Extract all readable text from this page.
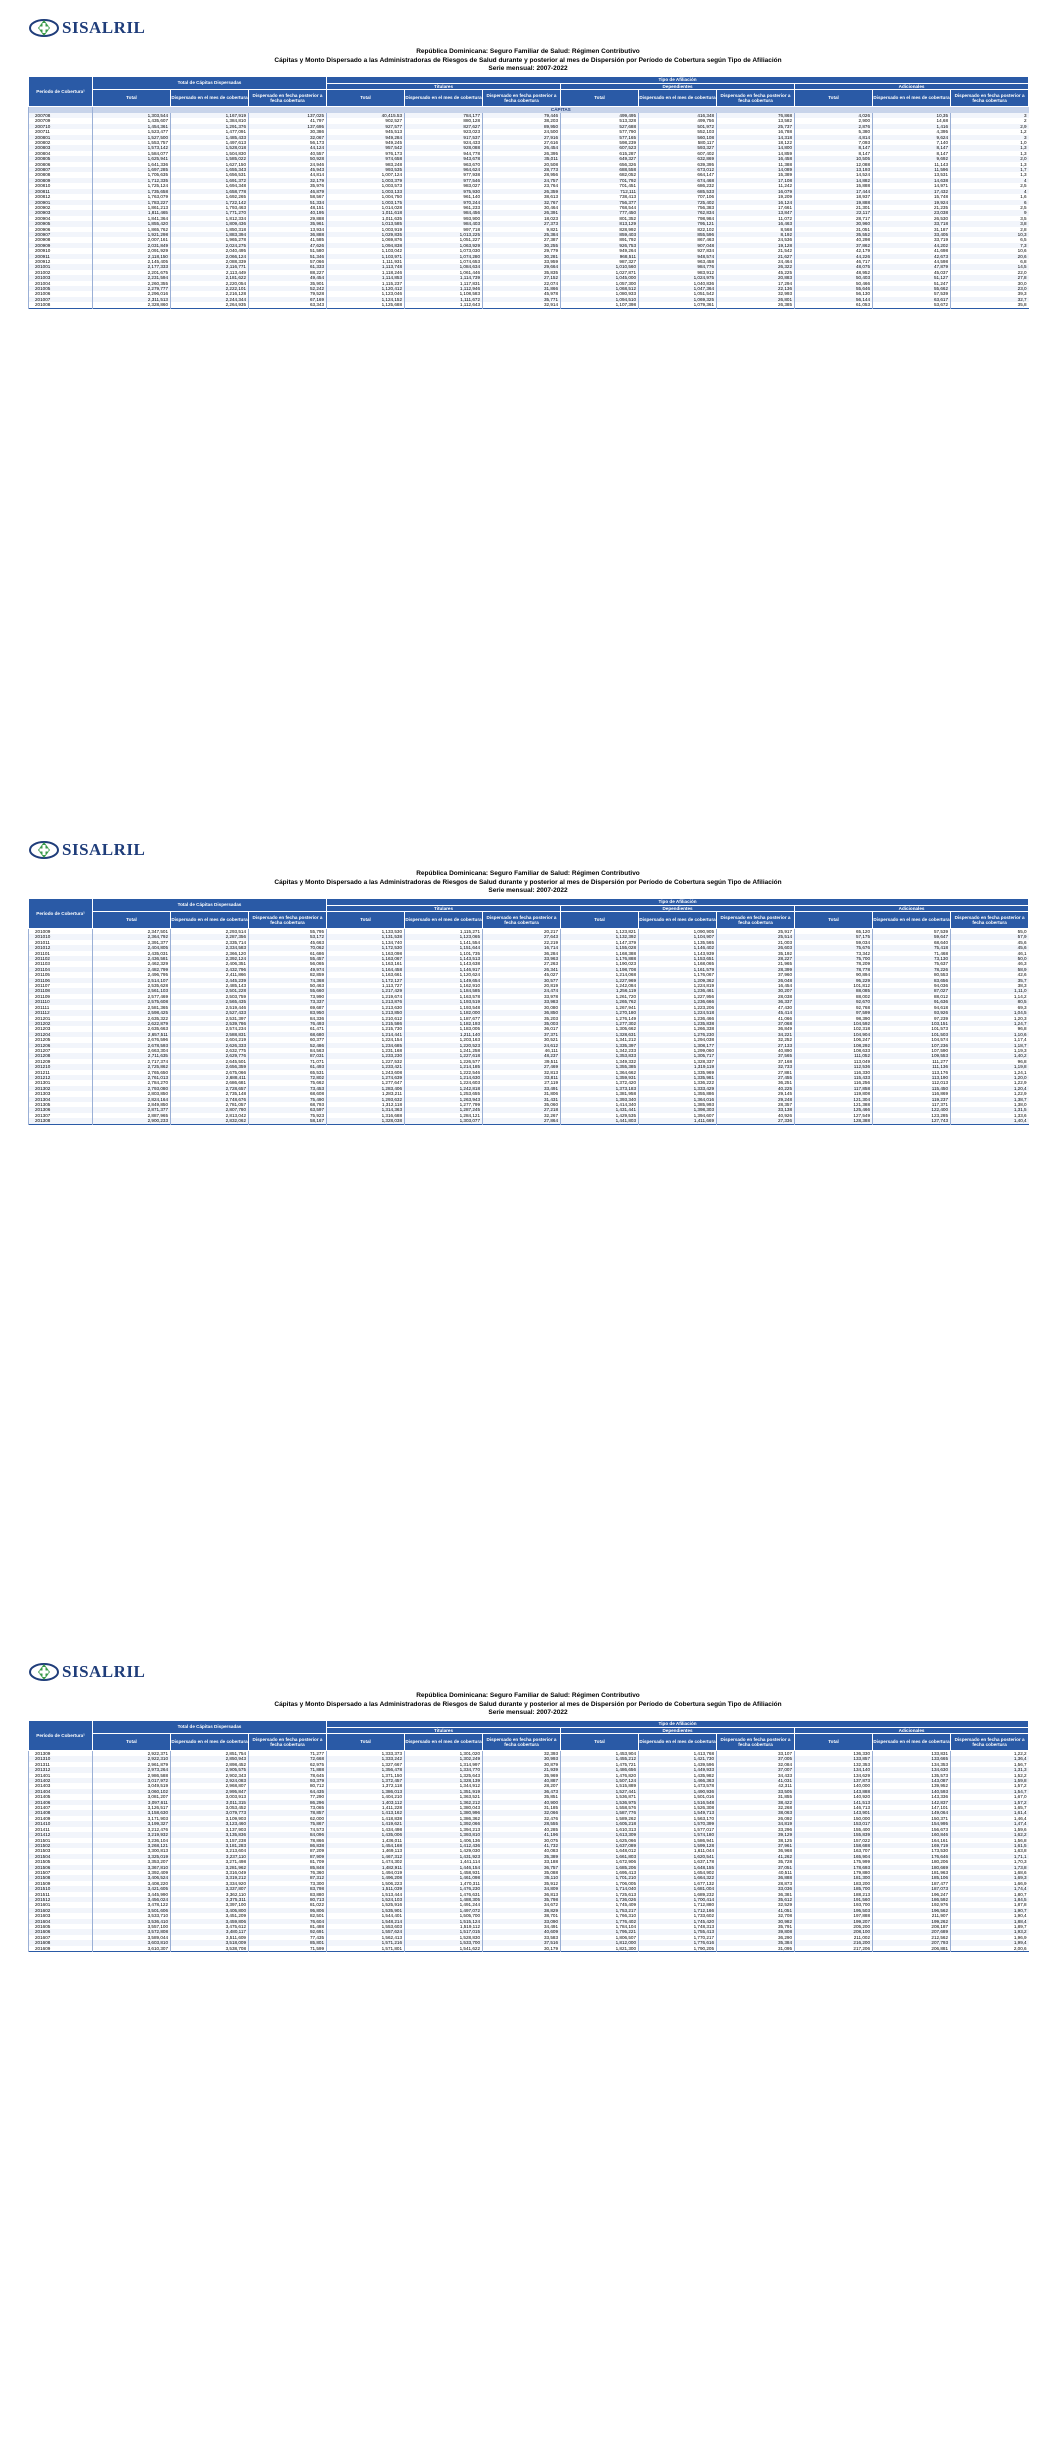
SISALRIL
República Dominicana: Seguro Familiar de Salud: Régimen Contributivo
Cápitas y Monto Dispersado a las Administradoras de Riesgos de Salud durante y posterior al mes de Dispersión por Período de Cobertura según Tipo de Afiliación
Serie mensual: 2007-2022
Período de Cobertura¹	Total de Cápitas Dispersadas			Tipo de Afiliación								
				Titulares			Dependientes			Adicionales		
	Total	Dispersado en el mes de cobertura	Dispersado en fecha posterior a fecha cobertura	Total	Dispersado en el mes de cobertura	Dispersado en fecha posterior a fecha cobertura	Total	Dispersado en el mes de cobertura	Dispersado en fecha posterior a fecha cobertura	Total	Dispersado en el mes de cobertura	Dispersado en fecha posterior a fecha cobertura
	CÁPITAS											
200708	1,303,544	1,167,919	137,025	40,415.53	784,177	79,446	499,495	416,348	76,868	4,026	10,35	3
200709	1,435,607	1,384,810	41,797	902,527	880,128	38,203	513,328	499,756	13,582	2,900	14,68	2
200710	1,454,361	1,291,376	137,695	927,577	827,627	89,950	527,688	501,972	25,737	2,876	1,416	2,9
200711	1,523,477	1,477,091	30,386	945,513	923,023	24,500	577,790	552,103	16,788	5,380	4,395	1,2
200801	1,527,500	1,485,433	32,067	949,284	917,537	27,916	577,165	560,108	14,318	4,814	9,624	3
200802	1,553,757	1,497,613	56,173	949,245	924,433	27,616	598,239	580,117	18,122	7,093	7,140	1,0
200803	1,573,142	1,528,018	44,124	957,542	928,088	26,454	607,523	593,327	14,800	8,147	8,147	1,3
200804	1,584,077	1,504,830	40,557	976,173	944,778	26,395	615,287	607,402	14,859	8,147	8,147	1,3
200805	1,625,941	1,585,022	50,928	974,658	943,678	35,011	649,327	632,869	16,458	10,505	9,692	2,0
200806	1,641,336	1,627,150	24,946	983,248	963,670	20,508	656,326	639,395	11,388	12,088	11,143	1,3
200807	1,697,285	1,655,343	45,943	993,535	964,624	28,773	688,558	673,012	14,089	13,193	11,596	1,7
200808	1,705,635	1,656,531	44,814	1,007,124	977,938	28,956	682,052	664,147	15,389	14,524	13,531	1,3
200809	1,712,335	1,691,372	32,179	1,003,379	977,546	24,757	701,792	674,468	17,108	14,882	14,638	4
200810	1,725,124	1,694,348	35,976	1,003,573	983,027	23,764	701,451	686,232	11,242	15,888	14,971	2,5
200811	1,735,658	1,658,778	46,879	1,003,133	975,930	26,359	712,111	685,533	16,079	17,444	17,432	4
200812	1,763,079	1,692,265	58,567	1,004,750	961,140	38,613	738,413	707,106	19,209	18,937	15,748	1,6
200901	1,783,227	1,722,142	51,334	1,003,175	970,244	32,767	756,377	725,402	16,124	19,888	19,924	6
200902	1,861,213	1,793,463	48,151	1,014,028	961,233	30,464	768,544	756,383	17,661	21,301	21,235	2,5
200903	1,811,465	1,771,270	40,195	1,011,618	984,456	26,391	777,450	762,834	13,847	22,117	23,038	9
200904	1,841,364	1,812,334	29,888	1,011,635	993,900	18,023	801,352	798,984	11,072	28,717	26,530	3,5
200905	1,855,420	1,809,436	35,961	1,013,585	984,403	27,373	813,129	795,121	16,463	30,960	33,718	3,8
200906	1,865,762	1,850,318	13,934	1,003,919	997,718	9,821	828,992	822,102	8,568	31,051	31,187	2,8
200907	1,921,298	1,883,394	36,888	1,029,835	1,013,225	25,384	859,403	855,596	8,192	35,552	33,405	10,3
200908	2,007,161	1,965,278	41,585	1,069,876	1,051,227	27,387	891,792	867,463	24,536	40,298	33,719	6,5
200909	2,031,849	2,024,275	47,626	1,094,838	1,063,929	30,255	926,753	907,048	19,128	37,862	44,202	7,3
200910	2,091,929	2,040,495	51,580	1,103,042	1,073,030	29,779	949,264	927,834	21,542	42,179	41,698	10,6
200911	2,118,150	2,066,124	51,346	1,103,971	1,074,280	30,281	968,511	948,574	21,627	44,226	42,673	20,6
200912	2,145,405	2,088,339	57,066	1,111,931	1,074,653	33,959	987,327	963,458	24,464	46,717	44,598	6,8
201001	2,177,333	2,116,771	61,333	1,113,748	1,084,634	29,664	1,010,560	984,776	26,322	48,075	47,879	14,5
201002	2,201,675	2,113,449	88,227	1,118,246	1,061,446	35,835	1,027,871	983,912	45,225	48,952	45,037	22,0
201003	2,231,594	2,181,622	49,454	1,114,853	1,114,739	27,152	1,045,000	1,024,975	20,883	50,403	51,127	27,8
201004	2,260,355	2,220,054	35,901	1,115,237	1,117,831	22,074	1,057,300	1,040,836	17,294	50,466	51,247	30,0
201005	2,279,777	2,222,101	52,242	1,120,412	1,112,946	31,866	1,068,512	1,047,364	22,136	55,646	55,662	23,0
201006	2,296,016	2,216,128	79,528	1,123,046	1,108,583	45,978	1,080,933	1,051,542	32,993	56,130	57,539	39,3
201007	2,311,513	2,244,344	67,169	1,124,152	1,111,672	35,771	1,094,510	1,069,325	26,801	56,144	63,617	32,7
201008	2,328,860	2,264,935	63,343	1,125,688	1,112,643	32,914	1,107,398	1,079,361	26,385	61,053	53,672	35,8
SISALRIL
República Dominicana: Seguro Familiar de Salud: Régimen Contributivo
Cápitas y Monto Dispersado a las Administradoras de Riesgos de Salud durante y posterior al mes de Dispersión por Período de Cobertura según Tipo de Afiliación
Serie mensual: 2007-2022
Período de Cobertura¹	Total de Cápitas Dispersadas			Tipo de Afiliación								
				Titulares			Dependientes			Adicionales		
	Total	Dispersado en el mes de cobertura	Dispersado en fecha posterior a fecha cobertura	Total	Dispersado en el mes de cobertura	Dispersado en fecha posterior a fecha cobertura	Total	Dispersado en el mes de cobertura	Dispersado en fecha posterior a fecha cobertura	Total	Dispersado en el mes de cobertura	Dispersado en fecha posterior a fecha cobertura
201009	2,347,501	2,293,514	55,795	1,133,530	1,115,271	20,217	1,123,821	1,090,905	25,917	65,120	57,539	55,0
201010	2,364,792	2,287,356	53,172	1,131,538	1,123,065	27,643	1,132,392	1,104,907	25,514	57,175	59,647	57,9
201011	2,391,377	2,335,714	45,663	1,134,740	1,141,554	22,219	1,147,379	1,135,565	21,003	59,034	68,640	45,6
201012	2,404,805	2,334,583	70,062	1,172,530	1,151,644	16,714	1,155,028	1,146,402	26,603	75,676	75,418	45,6
201101	2,435,031	2,366,120	61,686	1,163,098	1,101,735	36,284	1,168,388	1,143,939	35,192	73,342	71,468	46,1
201102	2,436,581	2,392,124	55,457	1,163,067	1,143,513	33,963	1,176,888	1,153,651	28,227	75,700	73,130	50,0
201103	2,462,329	2,406,351	56,065	1,163,161	1,143,638	27,263	1,190,023	1,168,065	21,965	78,209	75,637	46,3
201104	2,482,799	2,432,796	49,974	1,164,458	1,146,917	26,341	1,198,708	1,161,579	28,399	78,778	78,226	58,9
201105	2,496,795	2,411,866	82,859	1,163,661	1,120,624	45,027	1,214,068	1,176,067	37,960	90,894	80,553	42,6
201106	2,514,107	2,445,239	74,368	1,172,127	1,149,654	30,577	1,227,969	1,209,362	26,048	95,229	83,656	35,7
201107	2,535,628	2,485,143	50,463	1,113,727	1,162,910	20,819	1,242,084	1,224,819	16,454	101,812	94,036	38,3
201108	2,561,103	2,501,228	55,660	1,217,429	1,184,585	24,474	1,256,119	1,236,461	30,207	88,085	87,027	1,11,0
201109	2,577,469	2,503,759	73,990	1,219,674	1,163,578	33,978	1,261,720	1,227,956	28,038	88,002	88,012	1,14,2
201110	2,575,608	2,565,435	73,337	1,213,876	1,193,519	33,983	1,265,762	1,236,666	36,337	92,670	91,636	80,5
201111	2,581,365	2,519,446	69,687	1,213,630	1,193,548	30,080	1,267,941	1,223,206	47,430	92,768	94,618	69,3
201112	2,598,425	2,527,433	83,950	1,213,850	1,182,000	36,850	1,270,180	1,224,518	45,414	97,599	93,926	1,04,5
201201	2,635,322	2,531,397	84,336	1,210,612	1,187,677	35,203	1,276,149	1,236,466	41,066	98,390	97,239	1,20,3
201202	2,622,879	2,539,786	76,493	1,215,586	1,182,193	35,003	1,277,302	1,235,838	37,068	104,592	103,151	1,24,7
201203	2,635,663	2,574,234	61,471	1,215,730	1,183,005	36,017	1,305,662	1,266,338	36,849	102,318	101,573	96,8
201204	2,657,511	2,588,831	68,680	1,214,441	1,211,140	37,371	1,328,631	1,276,230	34,221	104,904	101,503	1,10,6
201205	2,676,596	2,604,219	60,377	1,224,154	1,203,163	30,521	1,341,212	1,294,038	32,252	106,247	104,574	1,17,4
201206	2,678,593	2,626,333	52,486	1,234,685	1,220,523	24,612	1,335,397	1,308,177	27,133	108,292	107,236	1,18,7
201207	2,663,304	2,632,775	84,563	1,231,168	1,241,258	46,111	1,342,233	1,299,060	40,890	108,633	107,590	1,19,3
201208	2,711,635	2,629,776	87,031	1,233,230	1,227,618	48,237	1,353,833	1,305,717	37,565	111,052	109,553	1,40,2
201209	2,717,374	2,645,501	71,071	1,227,532	1,226,577	39,511	1,349,332	1,328,337	37,168	113,049	111,277	96,8
201210	2,725,862	2,656,359	61,493	1,233,421	1,214,185	27,469	1,355,385	1,319,119	32,733	112,536	111,136	1,19,8
201211	2,765,650	2,675,066	65,531	1,243,608	1,222,546	32,813	1,364,662	1,335,969	27,881	116,330	113,176	1,24,1
201212	2,761,013	2,688,411	72,802	1,274,639	1,214,630	33,811	1,359,931	1,335,981	27,455	115,433	113,190	1,20,0
201301	2,784,270	2,686,681	75,662	1,277,647	1,224,603	27,119	1,372,420	1,336,222	36,251	116,256	112,013	1,22,9
201302	2,793,080	2,728,657	73,453	1,283,406	1,242,818	33,491	1,373,183	1,333,429	40,225	117,858	115,450	1,20,4
201303	2,803,850	2,735,148	68,608	1,283,211	1,253,655	31,806	1,381,958	1,355,886	29,145	119,808	116,869	1,22,9
201304	2,824,164	2,748,676	75,490	1,293,632	1,263,943	31,431	1,393,340	1,364,016	29,248	121,304	119,237	1,38,7
201305	2,849,850	2,781,057	68,793	1,312,118	1,277,799	35,060	1,414,340	1,385,993	28,357	121,388	117,371	1,38,0
201306	2,871,377	2,807,780	63,597	1,314,363	1,287,245	27,218	1,431,441	1,398,303	33,138	125,466	122,400	1,31,5
201307	2,887,965	2,813,042	75,923	1,316,688	1,284,121	32,267	1,429,535	1,394,607	40,926	127,549	123,285	1,33,6
201308	2,900,233	2,832,062	58,167	1,328,038	1,303,077	27,864	1,441,803	1,411,669	27,336	128,388	127,743	1,40,4
SISALRIL
República Dominicana: Seguro Familiar de Salud: Régimen Contributivo
Cápitas y Monto Dispersado a las Administradoras de Riesgos de Salud durante y posterior al mes de Dispersión por Período de Cobertura según Tipo de Afiliación
Serie mensual: 2007-2022
Período de Cobertura¹	Total de Cápitas Dispersadas			Tipo de Afiliación								
				Titulares			Dependientes			Adicionales		
	Total	Dispersado en el mes de cobertura	Dispersado en fecha posterior a fecha cobertura	Total	Dispersado en el mes de cobertura	Dispersado en fecha posterior a fecha cobertura	Total	Dispersado en el mes de cobertura	Dispersado en fecha posterior a fecha cobertura	Total	Dispersado en el mes de cobertura	Dispersado en fecha posterior a fecha cobertura
201309	2,922,371	2,851,754	71,277	1,333,373	1,301,020	32,393	1,453,904	1,413,768	33,107	136,330	133,831	1,22,2
201310	2,922,310	2,850,943	72,668	1,333,242	1,302,249	30,993	1,455,212	1,421,730	37,005	133,857	133,665	1,36,4
201311	2,961,879	2,898,452	62,975	1,327,667	1,314,997	30,879	1,475,721	1,439,596	32,084	132,353	134,353	1,56,7
201312	2,973,264	2,905,575	71,888	1,356,478	1,334,770	21,939	1,486,656	1,449,933	37,007	134,140	134,630	1,31,3
201401	2,986,588	2,902,343	78,645	1,371,150	1,325,643	35,969	1,476,820	1,435,982	34,433	134,629	135,573	1,52,2
201402	3,017,972	2,924,083	93,379	1,372,457	1,328,139	40,887	1,507,124	1,466,363	41,031	137,873	143,087	1,59,8
201403	3,049,519	2,968,807	80,712	1,372,118	1,344,912	28,207	1,515,889	1,473,578	42,311	140,000	139,952	1,57,2
201404	3,060,102	2,995,847	64,435	1,386,013	1,351,919	36,473	1,527,441	1,490,936	33,505	143,888	140,593	1,54,7
201405	3,081,207	3,003,913	77,290	1,404,210	1,363,521	35,851	1,536,871	1,501,016	31,855	140,920	143,336	1,67,0
201406	3,097,611	3,011,315	86,296	1,403,112	1,362,212	40,900	1,536,975	1,516,548	38,422	141,513	142,837	1,57,2
201407	3,126,517	3,053,452	73,065	1,411,228	1,380,043	31,185	1,558,576	1,526,308	32,268	146,713	147,101	1,65,7
201408	3,158,630	3,079,773	78,857	1,413,162	1,380,996	32,066	1,587,776	1,549,713	38,063	143,901	149,064	1,61,4
201409	3,171,903	3,109,903	62,000	1,418,838	1,386,362	32,476	1,589,262	1,563,170	26,092	150,000	150,371	1,46,4
201410	3,199,327	3,123,460	75,867	1,419,621	1,392,066	28,555	1,605,218	1,570,399	34,819	153,017	154,995	1,47,4
201411	3,212,476	3,137,903	74,573	1,434,498	1,394,213	40,285	1,610,313	1,577,017	33,296	155,400	156,673	1,59,6
201412	3,219,932	3,135,836	84,096	1,435,006	1,393,810	41,196	1,613,309	1,574,180	39,129	155,839	160,846	1,62,2
201501	3,236,104	3,157,238	78,866	1,436,011	1,406,136	30,075	1,625,066	1,586,941	38,125	157,022	164,161	1,56,8
201502	3,268,121	3,181,283	86,838	1,454,168	1,412,436	41,732	1,637,089	1,599,128	37,961	158,688	169,719	1,61,5
201503	3,300,813	3,213,604	87,209	1,469,113	1,429,030	40,083	1,648,012	1,611,044	36,968	163,707	173,530	1,63,8
201504	3,325,019	3,237,110	87,909	1,467,312	1,431,923	35,389	1,661,803	1,620,541	41,262	165,904	176,646	1,71,1
201505	3,353,207	3,271,498	81,709	1,474,302	1,441,114	33,188	1,672,906	1,637,178	35,728	175,999	180,206	1,70,3
201506	3,367,810	3,281,962	85,848	1,482,911	1,446,154	36,757	1,685,206	1,648,155	37,051	178,693	180,669	1,73,8
201507	3,392,409	3,316,049	76,360	1,494,019	1,458,931	35,088	1,695,413	1,654,902	40,511	179,880	181,963	1,68,6
201508	3,406,524	3,319,212	87,312	1,496,208	1,461,098	35,110	1,701,210	1,664,322	36,888	181,300	185,106	1,69,3
201509	3,408,220	3,334,920	73,300	1,506,223	1,470,311	35,912	1,706,005	1,677,132	28,873	183,200	187,477	1,66,9
201510	3,421,605	3,337,807	83,798	1,511,039	1,476,230	34,809	1,714,040	1,681,004	33,036	185,700	187,073	1,74,4
201511	3,445,990	3,362,110	83,880	1,513,444	1,476,631	36,813	1,725,613	1,689,232	36,381	188,213	196,247	1,80,7
201512	3,456,024	3,375,311	80,713	1,524,103	1,488,305	35,798	1,736,026	1,700,414	35,612	191,560	186,592	1,84,5
201601	3,478,122	3,397,100	81,022	1,525,916	1,491,244	34,672	1,745,409	1,712,880	32,529	193,700	192,976	1,87,8
201602	3,501,606	3,405,800	95,806	1,535,901	1,497,072	38,829	1,753,217	1,712,166	41,051	195,503	196,562	1,90,7
201603	3,533,710	3,451,209	82,501	1,544,401	1,505,700	38,701	1,766,310	1,733,602	32,708	197,888	211,907	1,90,4
201604	3,536,410	3,459,806	76,604	1,548,214	1,515,124	33,090	1,776,402	1,745,420	30,982	199,207	199,262	1,88,4
201605	3,557,100	3,475,612	81,488	1,553,603	1,519,112	34,491	1,784,104	1,748,313	35,791	205,200	208,187	1,89,7
201606	3,572,808	3,480,117	92,691	1,557,624	1,517,015	40,609	1,795,221	1,755,413	39,808	208,100	207,689	1,93,2
201607	3,589,044	3,511,609	77,435	1,562,413	1,528,830	33,583	1,806,507	1,770,217	36,290	211,002	212,562	1,96,9
201608	3,603,810	3,518,009	85,801	1,571,216	1,533,700	37,516	1,812,000	1,776,616	35,384	216,200	207,793	1,99,4
201609	3,610,307	3,538,708	71,599	1,571,801	1,541,622	30,179	1,821,300	1,790,205	31,095	217,206	206,881	2,00,6
